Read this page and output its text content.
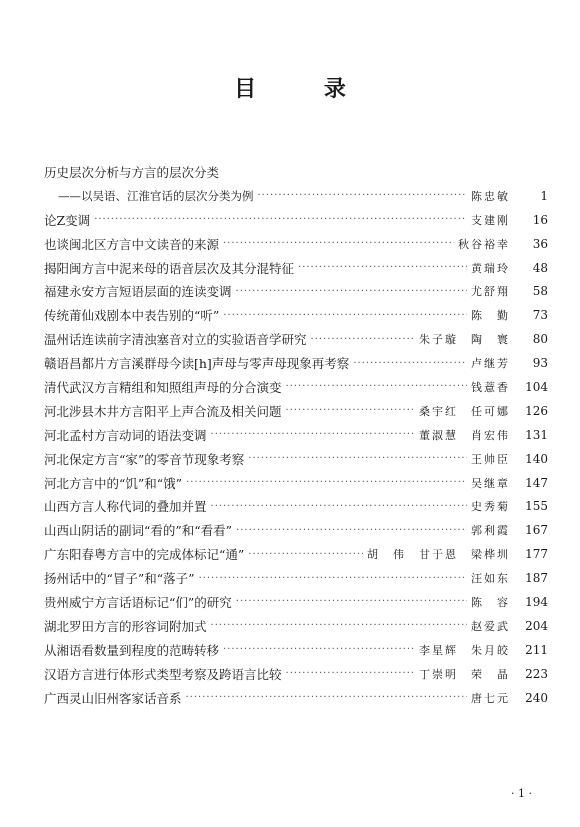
目 录
历史层次分析与方言的层次分类
——以吴语、江淮官话的层次分类为例 ·····	陈忠敏	1
论Z变调 ·····	支建刚	16
也谈闽北区方言中文读音的来源 ·····	秋谷裕幸	36
揭阳闽方言中泥来母的语音层次及其分混特征 ·····	黄瑞玲	48
福建永安方言短语层面的连读变调 ·····	尤舒翔	58
传统莆仙戏剧本中表告别的“听” ·····	陈　勤	73
温州话连读前字清浊塞音对立的实验语音学研究 ·····	朱子璇　陶　寰	80
赣语昌都片方言溪群母今读[h]声母与零声母现象再考察 ·····	卢继芳	93
清代武汉方言精组和知照组声母的分合演变 ·····	钱薏香	104
河北涉县木井方言阳平上声合流及相关问题 ·····	桑宇红　任可娜	126
河北孟村方言动词的语法变调 ·····	董淑慧　肖宏伟	131
河北保定方言“家”的零音节现象考察 ·····	王帅臣	140
河北方言中的“饥”和“饿” ·····	吴继章	147
山西方言人称代词的叠加并置 ·····	史秀菊	155
山西山阴话的副词“看的”和“看看” ·····	郭利霞	167
广东阳春粤方言中的完成体标记“通” ·····	胡　伟　甘于恩　梁桦圳	177
扬州话中的“冒子”和“落子” ·····	汪如东	187
贵州威宁方言话语标记“们”的研究 ·····	陈　容	194
湖北罗田方言的形容词附加式 ·····	赵爱武	204
从湘语看数量到程度的范畴转移 ·····	李星辉　朱月皎	211
汉语方言进行体形式类型考察及跨语言比较 ·····	丁崇明　荣　晶	223
广西灵山旧州客家话音系 ·····	唐七元	240
· 1 ·
